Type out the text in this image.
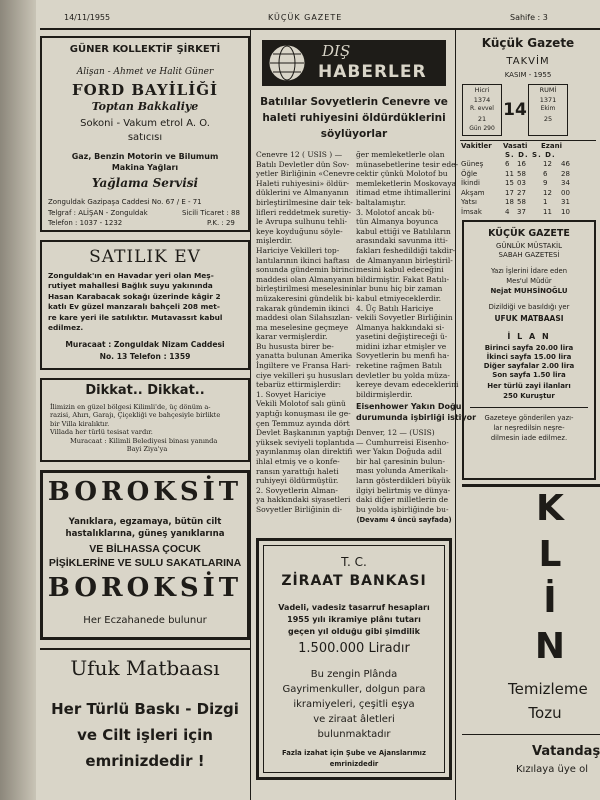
14/11/1955	KÜÇÜK GAZETE	Sahife : 3
GÜNER KOLLEKTİF ŞİRKETİ
Alişan - Ahmet ve Halit Güner
FORD BAYİLİĞİ
Toptan Bakkaliye
Sokoni - Vakum etrol A. O.
satıcısı
Gaz, Benzin Motorin ve Bilumum
Makina Yağları
Yağlama Servisi
Zonguldak Gazipaşa Caddesi No. 67 / E - 71
Telgraf : ALİŞAN - Zonguldak	Sicili Ticaret : 88
Telefon : 1037 - 1232	P.K. : 29
SATILIK EV
Zonguldak'ın en Havadar yeri olan Meş-
rutiyet mahallesi Bağlık suyu yakınında
Hasan Karabacak sokağı üzerinde kâgir 2
katlı Ev güzel manzaralı bahçeli 208 met-
re kare yeri ile satılıktır. Mutavassıt kabul
edilmez.
Muracaat : Zonguldak Nizam Caddesi
No. 13 Telefon : 1359
Dikkat.. Dikkat..
İlimizin en güzel bölgesi Kilimli'de, üç dönüm a-
razisi, Ahırı, Garajı, Çiçekliği ve bahçesiyle birlikte
bir Villa kiralıktır.
Villada her türlü tesisat vardır.
Muracaat : Kilimli Belediyesi binası yanında
Bayi Ziya'ya
BOROKSİT
Yanıklara, egzamaya, bütün cilt
hastalıklarına, güneş yanıklarına
VE BİLHASSA ÇOCUK
PİŞİKLERİNE VE SULU SAKATLARINA
BOROKSİT
Her Eczahanede bulunur
Ufuk Matbaası
Her Türlü Baskı - Dizgi
ve Cilt işleri için
emrinizdedir !
DIŞ
HABERLER
Batılılar Sovyetlerin Cenevre ve
haleti ruhiyesini öldürdüklerini
söylüyorlar
Cenevre 12 ( USIS ) —
Batılı Devletler dün Sov-
yetler Birliğinin «Cenevre
Haleti ruhiyesini» öldür-
düklerini ve Almanyanın
birleştirilmesine dair tek-
lifleri reddetmek suretiy-
le Avrupa sulhunu tehli-
keye koyduğunu söyle-
mişlerdir.
Hariciye Vekilleri top-
lantılarının ikinci haftası
sonunda gündemin birinci
maddesi olan Almanyanın
birleştirilmesi meselesinin
müzakeresini gündelik bi-
rakarak gündemin ikinci
maddesi olan Silahsızlan-
ma meselesine geçmeye
karar vermişlerdir.
Bu hususta birer be-
yanatta bulunan Amerika
İngiltere ve Fransa Hari-
ciye vekilleri şu hususları
tebarüz ettirmişlerdir:
1. Sovyet Hariciye
Vekili Molotof salı günü
yaptığı konuşması ile ge-
çen Temmuz ayında dört
Devlet Başkanının yaptığı
yüksek seviyeli toplantıda
yayınlanmış olan direktifi
ihlal etmiş ve o konfe-
ransın yarattığı haleti
ruhiyeyi öldürmüştür.
2. Sovyetlerin Alman-
ya hakkındaki siyasetleri
Sovyetler Birliğinin di-
ğer memleketlerle olan
münasebetlerine tesir ede-
cektir çünkü Molotof bu
memleketlerin Moskovaya
itimad etme ihtimallerini
baltalamıştır.
3. Molotof ancak bü-
tün Almanya boyunca
kabul ettiği ve Batılıların
arasındaki savunma itti-
fakları feshedildiği takdir-
de Almanyanın birleştiril-
mesini kabul edeceğini
bildirmiştir. Fakat Batılı-
lar bunu hiç bir zaman
kabul etmiyeceklerdir.
4. Üç Batılı Hariciye
vekili Sovyetler Birliğinin
Almanya hakkındaki si-
yasetini değiştireceği ü-
midini izhar etmişler ve
Sovyetlerin bu menfi ha-
reketine rağmen Batılı
devletler bu yolda müza-
kereye devam edeceklerini
bildirmişlerdir.
Eisenhower Yakın Doğu
durumunda işbirliği istiyor
Denver, 12 — (USIS)
— Cumhurreisi Eisenho-
wer Yakın Doğuda adil
bir hal çaresinin bulun-
ması yolunda Amerikalı-
ların gösterdikleri büyük
ilgiyi belirtmiş ve dünya-
daki diğer milletlerin de
bu yolda işbirliğinde bu-
(Devamı 4 üncü sayfada)
T. C.
ZİRAAT BANKASI
Vadeli, vadesiz tasarruf hesapları
1955 yılı ikramiye plânı tutarı
geçen yıl olduğu gibi şimdilik
1.500.000 Liradır
Bu zengin Plânda
Gayrimenkuller, dolgun para
ikramiyeleri, çeşitli eşya
ve ziraat âletleri
bulunmaktadır
Fazla izahat için Şube ve Ajanslarımız
emrinizdedir
Küçük Gazete
TAKVİM
KASIM - 1955
Hicri
1374
R. evvel
21
Gün 290
14
RUMİ
1371
Ekim
25
Vakitler Vasati Ezani
S. D. S. D.
Güneş	6 16 12 46
Öğle	11 58 6 28
İkindi	15 03 9 34
Akşam	17 27 12 00
Yatsı	18 58 1 31
İmsak	4 37 11 10
KÜÇÜK GAZETE
GÜNLÜK MÜSTAKİL
SABAH GAZETESİ
Yazı İşlerini İdare eden
Mes'ul Müdür
Nejat MUHSİNOĞLU
Dizildiği ve basıldığı yer
UFUK MATBAASI
İ L A N
Birinci sayfa 20.00 lira
İkinci sayfa 15.00 lira
Diğer sayfalar 2.00 lira
Son sayfa 1.50 lira
Her türlü zayi ilanları
250 Kuruştur
Gazeteye gönderilen yazı-
lar neşredilsin neşre-
dilmesin iade edilmez.
K
L
İ
N
Temizleme
Tozu
Vatandaş
Kızılaya üye ol
